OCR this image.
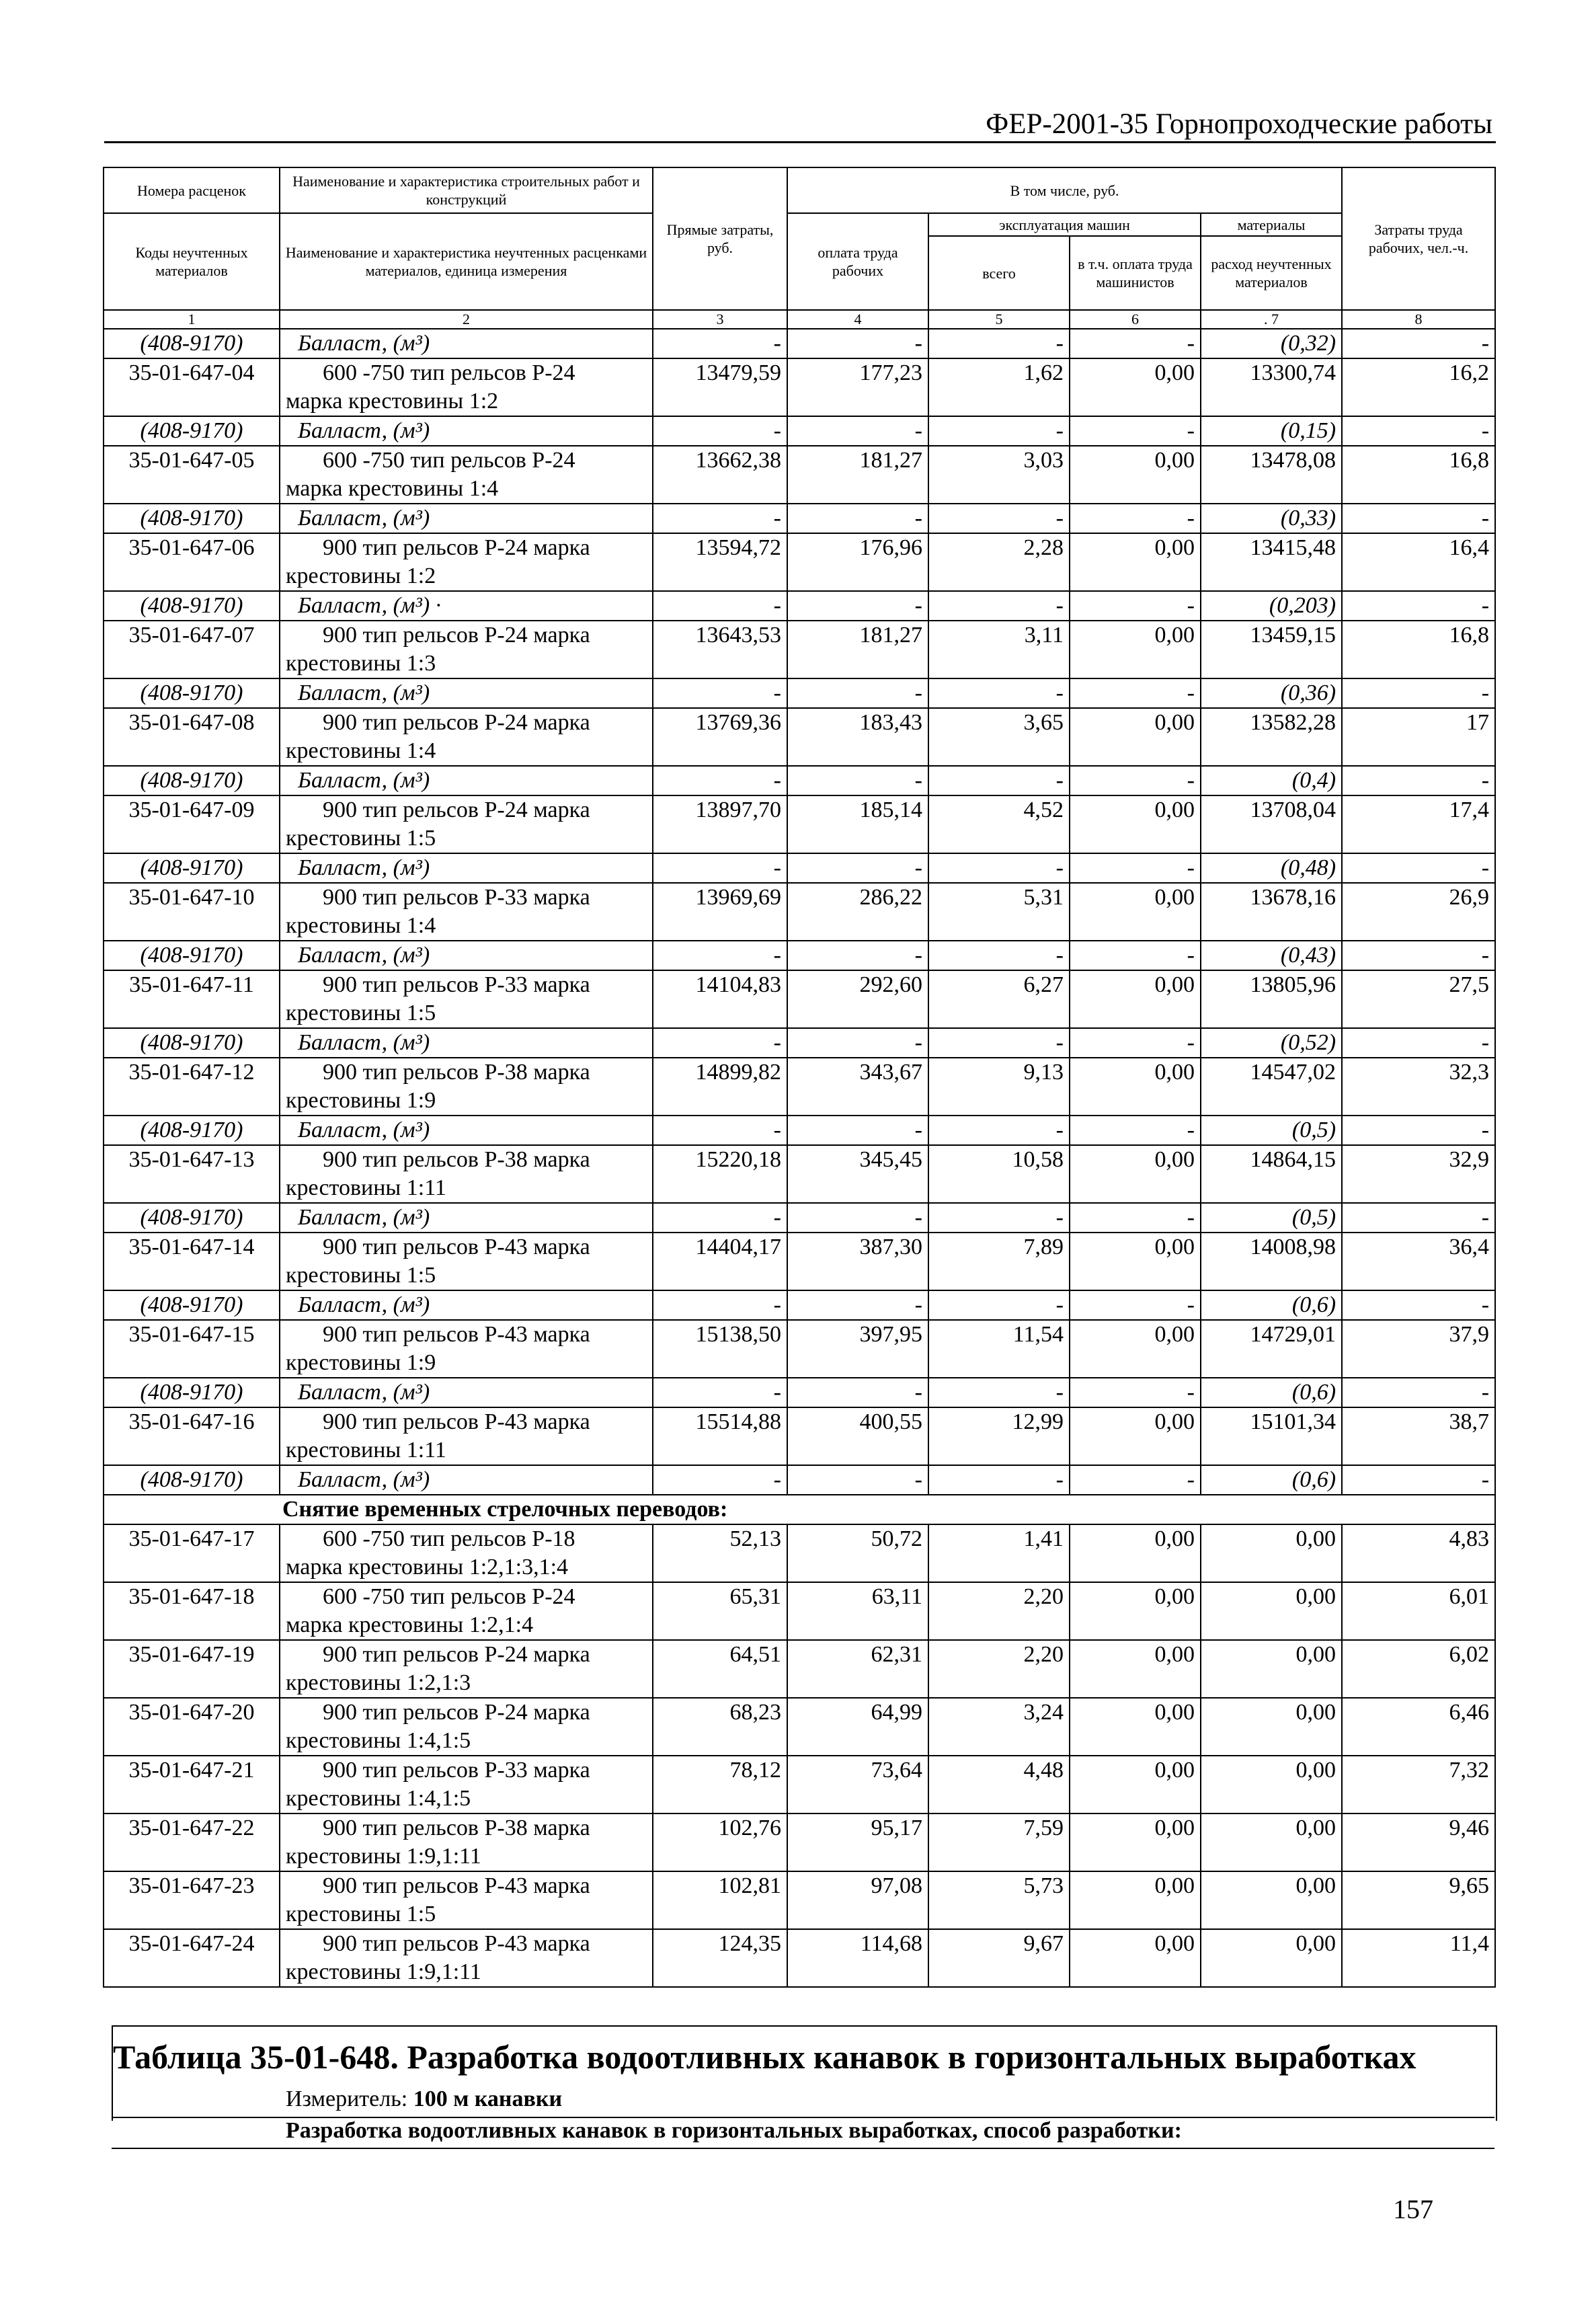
ФЕР-2001-35 Горнопроходческие работы
Номера расценок	Наименование и характеристика строительных работ и конструкций	Прямые затраты, руб.	В том числе, руб.				Затраты труда рабочих, чел.-ч.
Коды неучтенных материалов	Наименование и характеристика неучтенных расценками материалов, единица измерения		оплата труда рабочих	эксплуатация машин		материалы	
				всего	в т.ч. оплата труда машинистов	расход неучтенных материалов	
1	2	3	4	5	6	. 7	8
(408-9170)	Балласт, (м³)	-	-	-	-	(0,32)	-
35-01-647-04	600 -750 тип рельсов Р-24
марка крестовины 1:2	13479,59	177,23	1,62	0,00	13300,74	16,2
(408-9170)	Балласт, (м³)	-	-	-	-	(0,15)	-
35-01-647-05	600 -750 тип рельсов Р-24
марка крестовины 1:4	13662,38	181,27	3,03	0,00	13478,08	16,8
(408-9170)	Балласт, (м³)	-	-	-	-	(0,33)	-
35-01-647-06	900 тип рельсов Р-24 марка
крестовины 1:2	13594,72	176,96	2,28	0,00	13415,48	16,4
(408-9170)	Балласт, (м³) ·	-	-	-	-	(0,203)	-
35-01-647-07	900 тип рельсов Р-24 марка
крестовины 1:3	13643,53	181,27	3,11	0,00	13459,15	16,8
(408-9170)	Балласт, (м³)	-	-	-	-	(0,36)	-
35-01-647-08	900 тип рельсов Р-24 марка
крестовины 1:4	13769,36	183,43	3,65	0,00	13582,28	17
(408-9170)	Балласт, (м³)	-	-	-	-	(0,4)	-
35-01-647-09	900 тип рельсов Р-24 марка
крестовины 1:5	13897,70	185,14	4,52	0,00	13708,04	17,4
(408-9170)	Балласт, (м³)	-	-	-	-	(0,48)	-
35-01-647-10	900 тип рельсов Р-33 марка
крестовины 1:4	13969,69	286,22	5,31	0,00	13678,16	26,9
(408-9170)	Балласт, (м³)	-	-	-	-	(0,43)	-
35-01-647-11	900 тип рельсов Р-33 марка
крестовины 1:5	14104,83	292,60	6,27	0,00	13805,96	27,5
(408-9170)	Балласт, (м³)	-	-	-	-	(0,52)	-
35-01-647-12	900 тип рельсов Р-38 марка
крестовины 1:9	14899,82	343,67	9,13	0,00	14547,02	32,3
(408-9170)	Балласт, (м³)	-	-	-	-	(0,5)	-
35-01-647-13	900 тип рельсов Р-38 марка
крестовины 1:11	15220,18	345,45	10,58	0,00	14864,15	32,9
(408-9170)	Балласт, (м³)	-	-	-	-	(0,5)	-
35-01-647-14	900 тип рельсов Р-43 марка
крестовины 1:5	14404,17	387,30	7,89	0,00	14008,98	36,4
(408-9170)	Балласт, (м³)	-	-	-	-	(0,6)	-
35-01-647-15	900 тип рельсов Р-43 марка
крестовины 1:9	15138,50	397,95	11,54	0,00	14729,01	37,9
(408-9170)	Балласт, (м³)	-	-	-	-	(0,6)	-
35-01-647-16	900 тип рельсов Р-43 марка
крестовины 1:11	15514,88	400,55	12,99	0,00	15101,34	38,7
(408-9170)	Балласт, (м³)	-	-	-	-	(0,6)	-
Снятие временных стрелочных переводов:							
35-01-647-17	600 -750 тип рельсов Р-18
марка крестовины 1:2,1:3,1:4	52,13	50,72	1,41	0,00	0,00	4,83
35-01-647-18	600 -750 тип рельсов Р-24
марка крестовины 1:2,1:4	65,31	63,11	2,20	0,00	0,00	6,01
35-01-647-19	900 тип рельсов Р-24 марка
крестовины 1:2,1:3	64,51	62,31	2,20	0,00	0,00	6,02
35-01-647-20	900 тип рельсов Р-24 марка
крестовины 1:4,1:5	68,23	64,99	3,24	0,00	0,00	6,46
35-01-647-21	900 тип рельсов Р-33 марка
крестовины 1:4,1:5	78,12	73,64	4,48	0,00	0,00	7,32
35-01-647-22	900 тип рельсов Р-38 марка
крестовины 1:9,1:11	102,76	95,17	7,59	0,00	0,00	9,46
35-01-647-23	900 тип рельсов Р-43 марка
крестовины 1:5	102,81	97,08	5,73	0,00	0,00	9,65
35-01-647-24	900 тип рельсов Р-43 марка
крестовины 1:9,1:11	124,35	114,68	9,67	0,00	0,00	11,4
Таблица 35-01-648. Разработка водоотливных канавок в горизонтальных выработках
Измеритель: 100 м канавки
Разработка водоотливных канавок в горизонтальных выработках, способ разработки:
157
